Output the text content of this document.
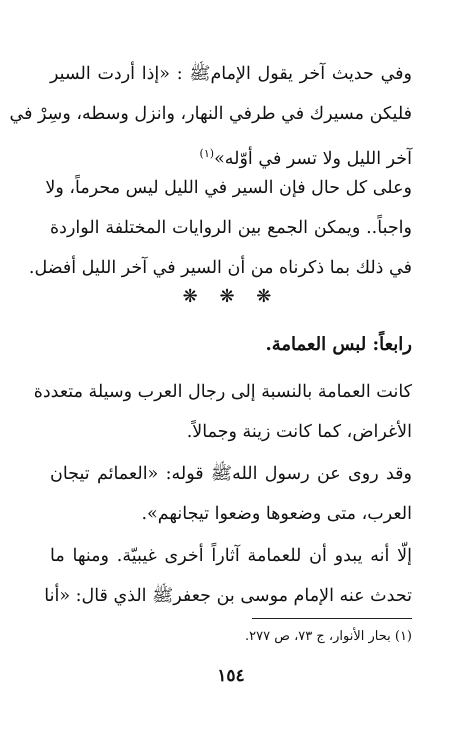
وفي حديث آخر يقول الإمامﷺ : «إذا أردت السير
فليكن مسيرك في طرفي النهار، وانزل وسطه، وسِرْ في
آخر الليل ولا تسر في أوّله»$^{(١)}$
وعلى كل حال فإن السير في الليل ليس محرماً، ولا
واجباً.. ويمكن الجمع بين الروايات المختلفة الواردة
في ذلك بما ذكرناه من أن السير في آخر الليل أفضل.
❋ ❋ ❋
رابعاً: لبس العمامة.
كانت العمامة بالنسبة إلى رجال العرب وسيلة متعددة
الأغراض، كما كانت زينة وجمالاً.
وقد روى عن رسول اللهﷺ قوله: «العمائم تيجان
العرب، متى وضعوها وضعوا تيجانهم».
إلّا أنه يبدو أن للعمامة آثاراً أخرى غيبيّة. ومنها ما
تحدث عنه الإمام موسى بن جعفرﷺ الذي قال: «أنا
(١) بحار الأنوار، ج ٧٣، ص ٢٧٧.
١٥٤
